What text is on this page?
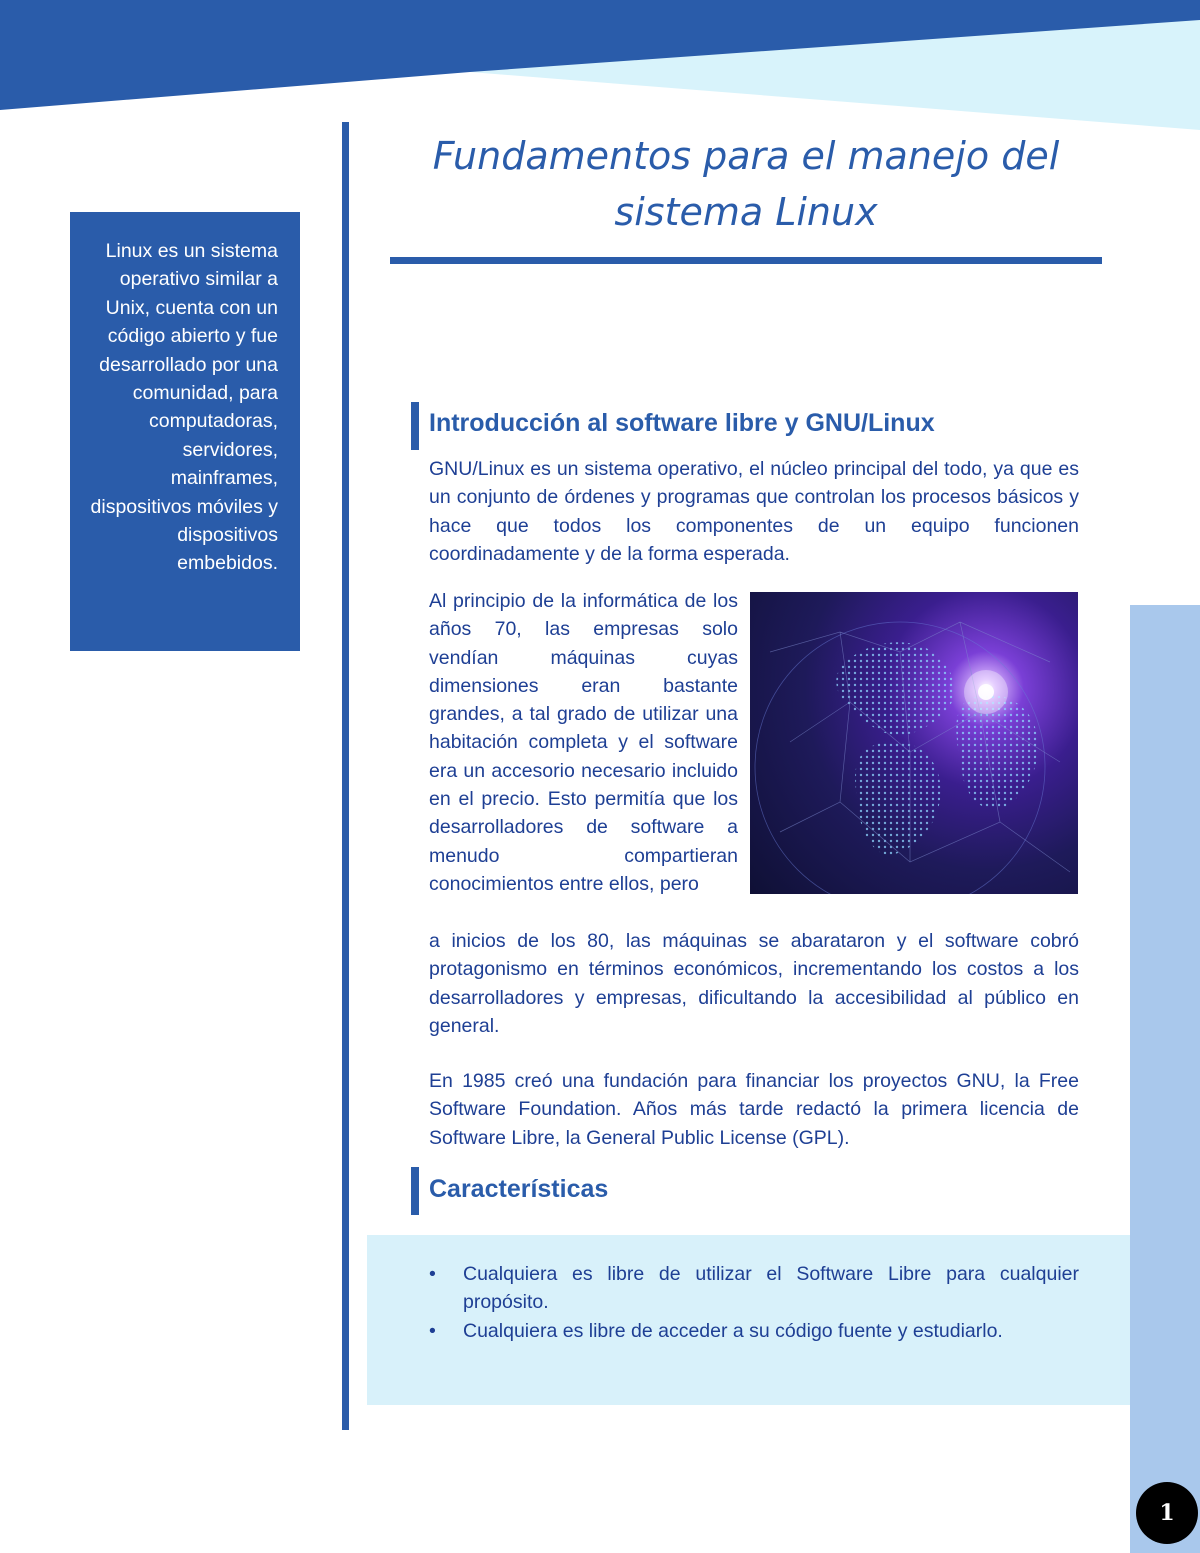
Linux es un sistema operativo similar a Unix, cuenta con un código abierto y fue desarrollado por una comunidad, para computadoras, servidores, mainframes, dispositivos móviles y dispositivos embebidos.

Fundamentos para el manejo del
sistema Linux
Introducción al software libre y GNU/Linux

GNU/Linux es un sistema operativo, el núcleo principal del todo, ya que es un conjunto de órdenes y programas que controlan los procesos básicos y hace que todos los componentes de un equipo funcionen coordinadamente y de la forma esperada.

Al principio de la informática de los años 70, las empresas solo vendían máquinas cuyas dimensiones eran bastante grandes, a tal grado de utilizar una habitación completa y el software era un accesorio necesario incluido en el precio. Esto permitía que los desarrolladores de software a menudo compartieran conocimientos entre ellos, pero

a inicios de los 80, las máquinas se abarataron y el software cobró protagonismo en términos económicos, incrementando los costos a los desarrolladores y empresas, dificultando la accesibilidad al público en general.

En 1985 creó una fundación para financiar los proyectos GNU, la Free Software Foundation. Años más tarde redactó la primera licencia de Software Libre, la General Public License (GPL).

Características
•	Cualquiera es libre de utilizar el Software Libre para cualquier propósito.
•	Cualquiera es libre de acceder a su código fuente y estudiarlo.
1
